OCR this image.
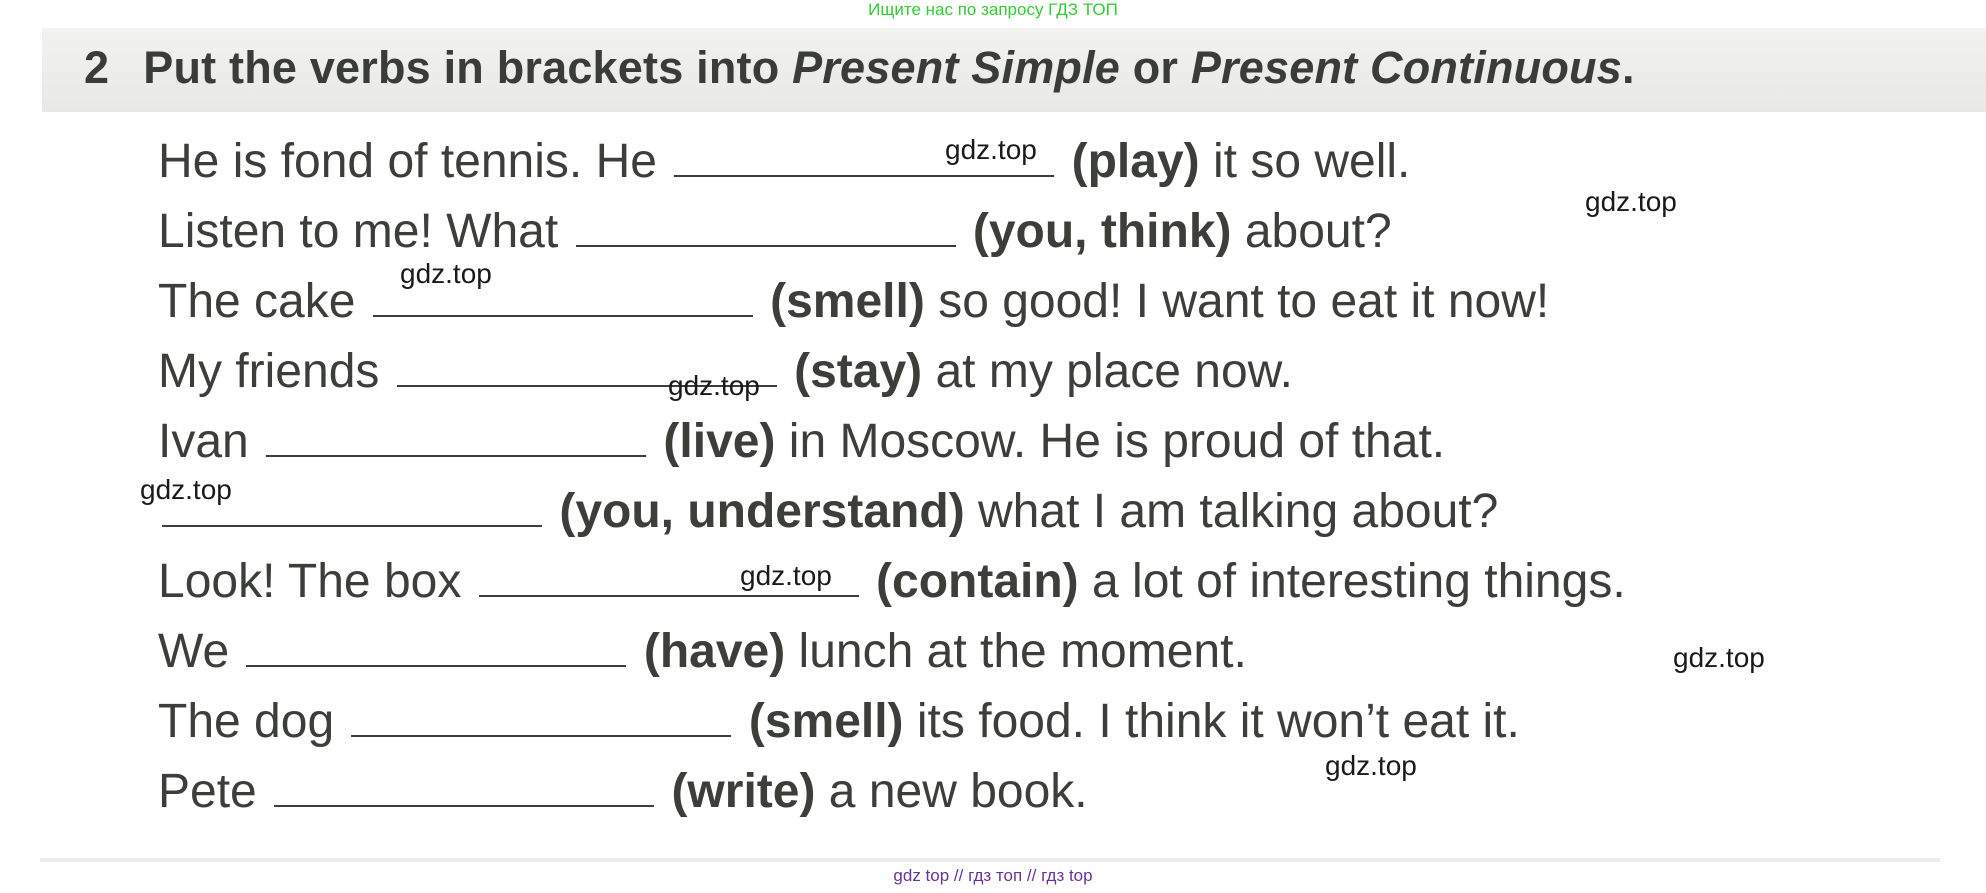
Ищите нас по запросу ГДЗ ТОП
2 Put the verbs in brackets into Present Simple or Present Continuous.
He is fond of tennis. He	(play) it so well.
Listen to me! What	(you, think) about?
The cake	(smell) so good! I want to eat it now!
My friends	(stay) at my place now.
Ivan	(live) in Moscow. He is proud of that.
(you, understand) what I am talking about?
Look! The box	(contain) a lot of interesting things.
We	(have) lunch at the moment.
The dog	(smell) its food. I think it won’t eat it.
Pete	(write) a new book.
gdz.top
gdz.top
gdz.top
gdz.top
gdz.top
gdz.top
gdz.top
gdz.top
gdz top // гдз топ // гдз top
